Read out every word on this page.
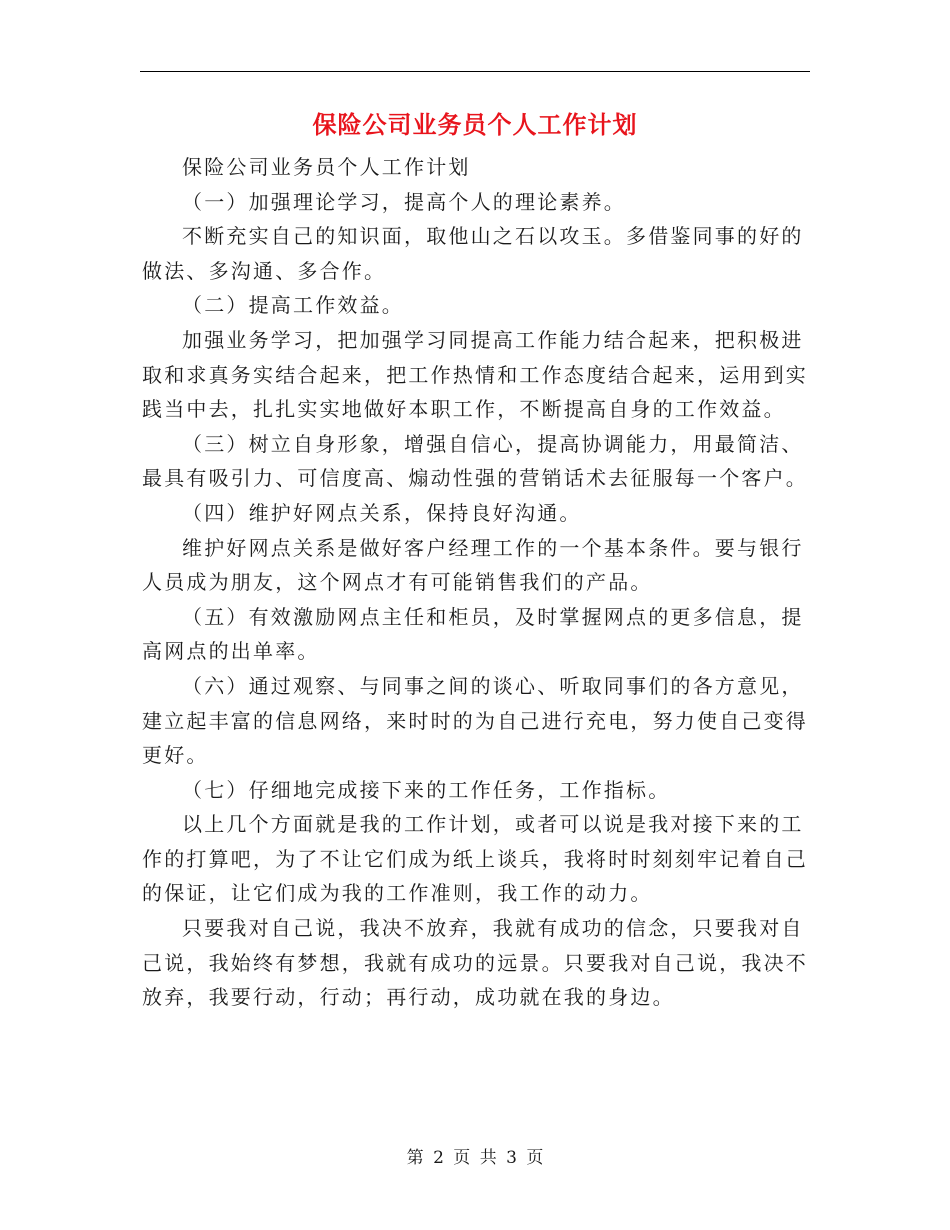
保险公司业务员个人工作计划

保险公司业务员个人工作计划

（一）加强理论学习，提高个人的理论素养。

不断充实自己的知识面，取他山之石以攻玉。多借鉴同事的好的做法、多沟通、多合作。

（二）提高工作效益。

加强业务学习，把加强学习同提高工作能力结合起来，把积极进取和求真务实结合起来，把工作热情和工作态度结合起来，运用到实践当中去，扎扎实实地做好本职工作，不断提高自身的工作效益。

（三）树立自身形象，增强自信心，提高协调能力，用最简洁、最具有吸引力、可信度高、煽动性强的营销话术去征服每一个客户。

（四）维护好网点关系，保持良好沟通。

维护好网点关系是做好客户经理工作的一个基本条件。要与银行人员成为朋友，这个网点才有可能销售我们的产品。

（五）有效激励网点主任和柜员，及时掌握网点的更多信息，提高网点的出单率。

（六）通过观察、与同事之间的谈心、听取同事们的各方意见，建立起丰富的信息网络，来时时的为自己进行充电，努力使自己变得更好。

（七）仔细地完成接下来的工作任务，工作指标。

以上几个方面就是我的工作计划，或者可以说是我对接下来的工作的打算吧，为了不让它们成为纸上谈兵，我将时时刻刻牢记着自己的保证，让它们成为我的工作准则，我工作的动力。

只要我对自己说，我决不放弃，我就有成功的信念，只要我对自己说，我始终有梦想，我就有成功的远景。只要我对自己说，我决不放弃，我要行动，行动；再行动，成功就在我的身边。

第 2 页 共 3 页
